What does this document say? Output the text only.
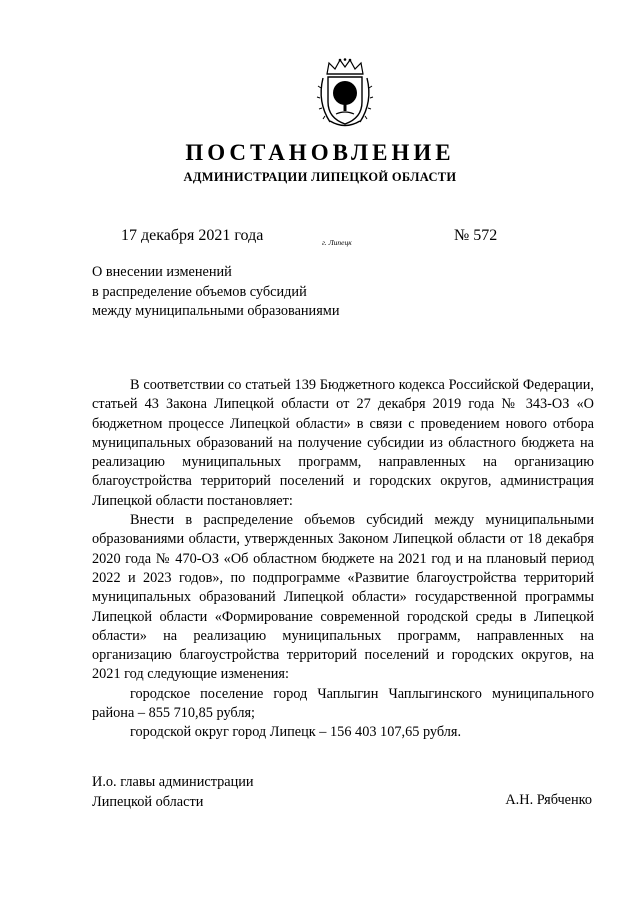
ПОСТАНОВЛЕНИЕ
АДМИНИСТРАЦИИ ЛИПЕЦКОЙ ОБЛАСТИ
17 декабря 2021 года	г. Липецк	№ 572
О внесении изменений
в распределение объемов субсидий
между муниципальными образованиями

В соответствии со статьей 139 Бюджетного кодекса Российской Федерации, статьей 43 Закона Липецкой области от 27 декабря 2019 года № 343-ОЗ «О бюджетном процессе Липецкой области» в связи с проведением нового отбора муниципальных образований на получение субсидии из областного бюджета на реализацию муниципальных программ, направленных на организацию благоустройства территорий поселений и городских округов, администрация Липецкой области постановляет:

Внести в распределение объемов субсидий между муниципальными образованиями области, утвержденных Законом Липецкой области от 18 декабря 2020 года № 470-ОЗ «Об областном бюджете на 2021 год и на плановый период 2022 и 2023 годов», по подпрограмме «Развитие благоустройства территорий муниципальных образований Липецкой области» государственной программы Липецкой области «Формирование современной городской среды в Липецкой области» на реализацию муниципальных программ, направленных на организацию благоустройства территорий поселений и городских округов, на 2021 год следующие изменения:

городское поселение город Чаплыгин Чаплыгинского муниципального района – 855 710,85 рубля;

городской округ город Липецк – 156 403 107,65 рубля.

И.о. главы администрации
Липецкой области	А.Н. Рябченко
